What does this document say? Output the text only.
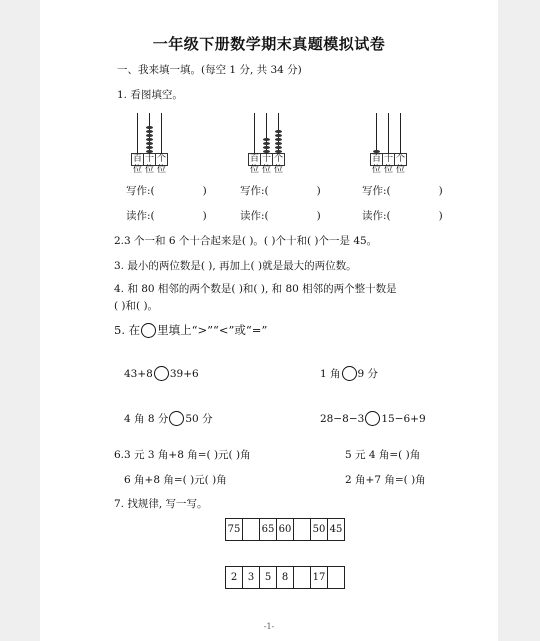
一年级下册数学期末真题模拟试卷
一、我来填一填。(每空 1 分, 共 34 分)
1. 看图填空。
百位
十位
个位
百位
十位
个位
百位
十位
个位
写作:(	)	写作:(	)	写作:(	)
读作:(	)	读作:(	)	读作:(	)
2.3 个一和 6 个十合起来是( )。( )个十和( )个一是 45。
3. 最小的两位数是( ), 再加上( )就是最大的两位数。
4. 和 80 相邻的两个数是( )和( ), 和 80 相邻的两个整十数是
( )和( )。
5. 在 里填上“>”“<”或“=”
43+8 39+6	1 角 9 分
4 角 8 分 50 分	28−8−3 15−6+9
6.3 元 3 角+8 角=( )元( )角	5 元 4 角=( )角
6 角+8 角=( )元( )角	2 角+7 角=( )角
7. 找规律, 写一写。
75		65	60		50	45
2	3	5	8		17	
-1-
